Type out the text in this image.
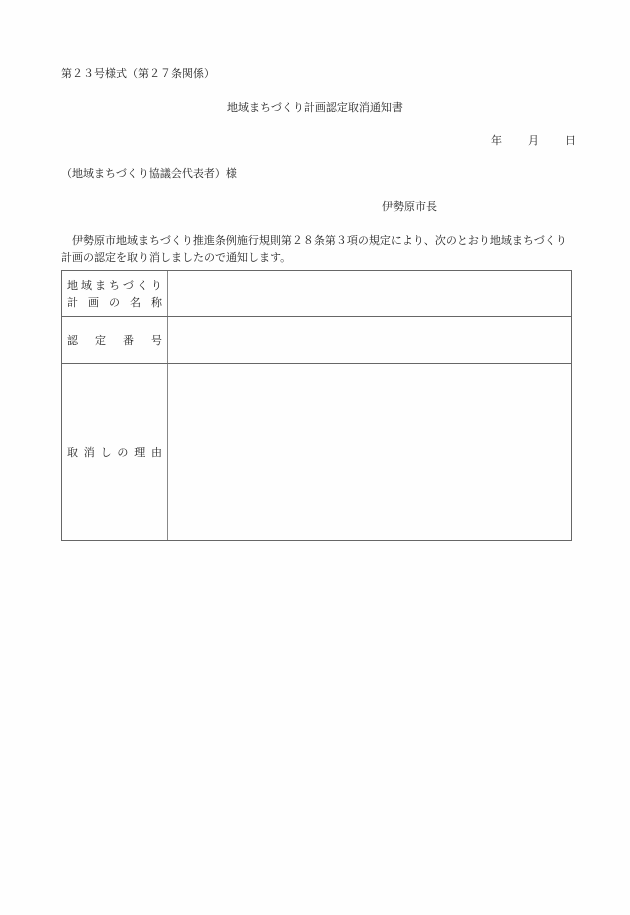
第２３号様式（第２７条関係）
地域まちづくり計画認定取消通知書
年 月 日
（地域まちづくり協議会代表者）様
伊勢原市長
伊勢原市地域まちづくり推進条例施行規則第２８条第３項の規定により、次のとおり地域まちづくり計画の認定を取り消しましたので通知します。
地域まちづくり
計 画 の 名 称
認 定 番 号
取 消 し の 理 由
